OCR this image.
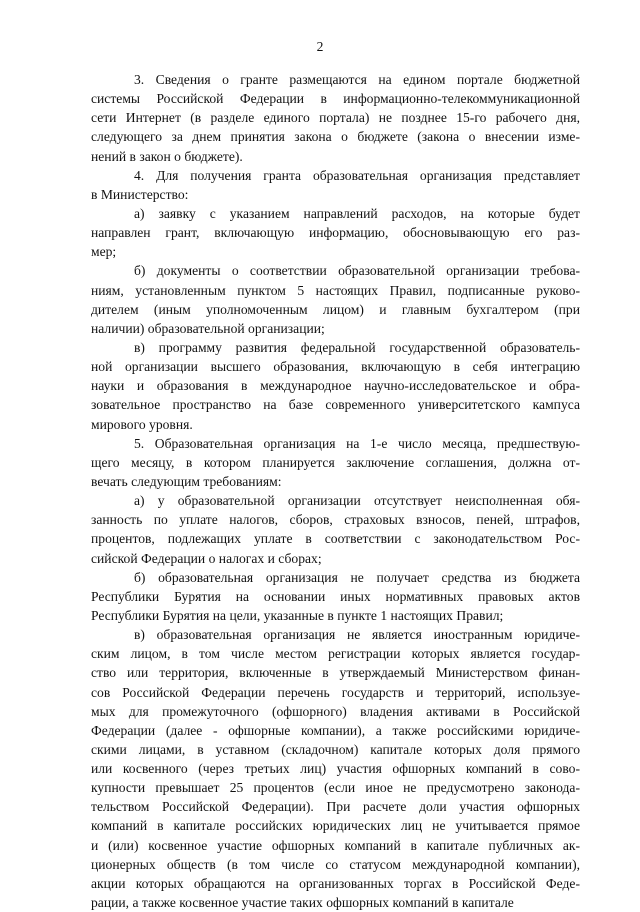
2
3. Сведения о гранте размещаются на едином портале бюджетной
системы Российской Федерации в информационно-телекоммуникационной
сети Интернет (в разделе единого портала) не позднее 15-го рабочего дня,
следующего за днем принятия закона о бюджете (закона о внесении изме-
нений в закон о бюджете).
4. Для получения гранта образовательная организация представляет
в Министерство:
а) заявку с указанием направлений расходов, на которые будет
направлен грант, включающую информацию, обосновывающую его раз-
мер;
б) документы о соответствии образовательной организации требова-
ниям, установленным пунктом 5 настоящих Правил, подписанные руково-
дителем (иным уполномоченным лицом) и главным бухгалтером (при
наличии) образовательной организации;
в) программу развития федеральной государственной образователь-
ной организации высшего образования, включающую в себя интеграцию
науки и образования в международное научно-исследовательское и обра-
зовательное пространство на базе современного университетского кампуса
мирового уровня.
5. Образовательная организация на 1-е число месяца, предшествую-
щего месяцу, в котором планируется заключение соглашения, должна от-
вечать следующим требованиям:
а) у образовательной организации отсутствует неисполненная обя-
занность по уплате налогов, сборов, страховых взносов, пеней, штрафов,
процентов, подлежащих уплате в соответствии с законодательством Рос-
сийской Федерации о налогах и сборах;
б) образовательная организация не получает средства из бюджета
Республики Бурятия на основании иных нормативных правовых актов
Республики Бурятия на цели, указанные в пункте 1 настоящих Правил;
в) образовательная организация не является иностранным юридиче-
ским лицом, в том числе местом регистрации которых является государ-
ство или территория, включенные в утверждаемый Министерством финан-
сов Российской Федерации перечень государств и территорий, используе-
мых для промежуточного (офшорного) владения активами в Российской
Федерации (далее - офшорные компании), а также российскими юридиче-
скими лицами, в уставном (складочном) капитале которых доля прямого
или косвенного (через третьих лиц) участия офшорных компаний в сово-
купности превышает 25 процентов (если иное не предусмотрено законода-
тельством Российской Федерации). При расчете доли участия офшорных
компаний в капитале российских юридических лиц не учитывается прямое
и (или) косвенное участие офшорных компаний в капитале публичных ак-
ционерных обществ (в том числе со статусом международной компании),
акции которых обращаются на организованных торгах в Российской Феде-
рации, а также косвенное участие таких офшорных компаний в капитале
